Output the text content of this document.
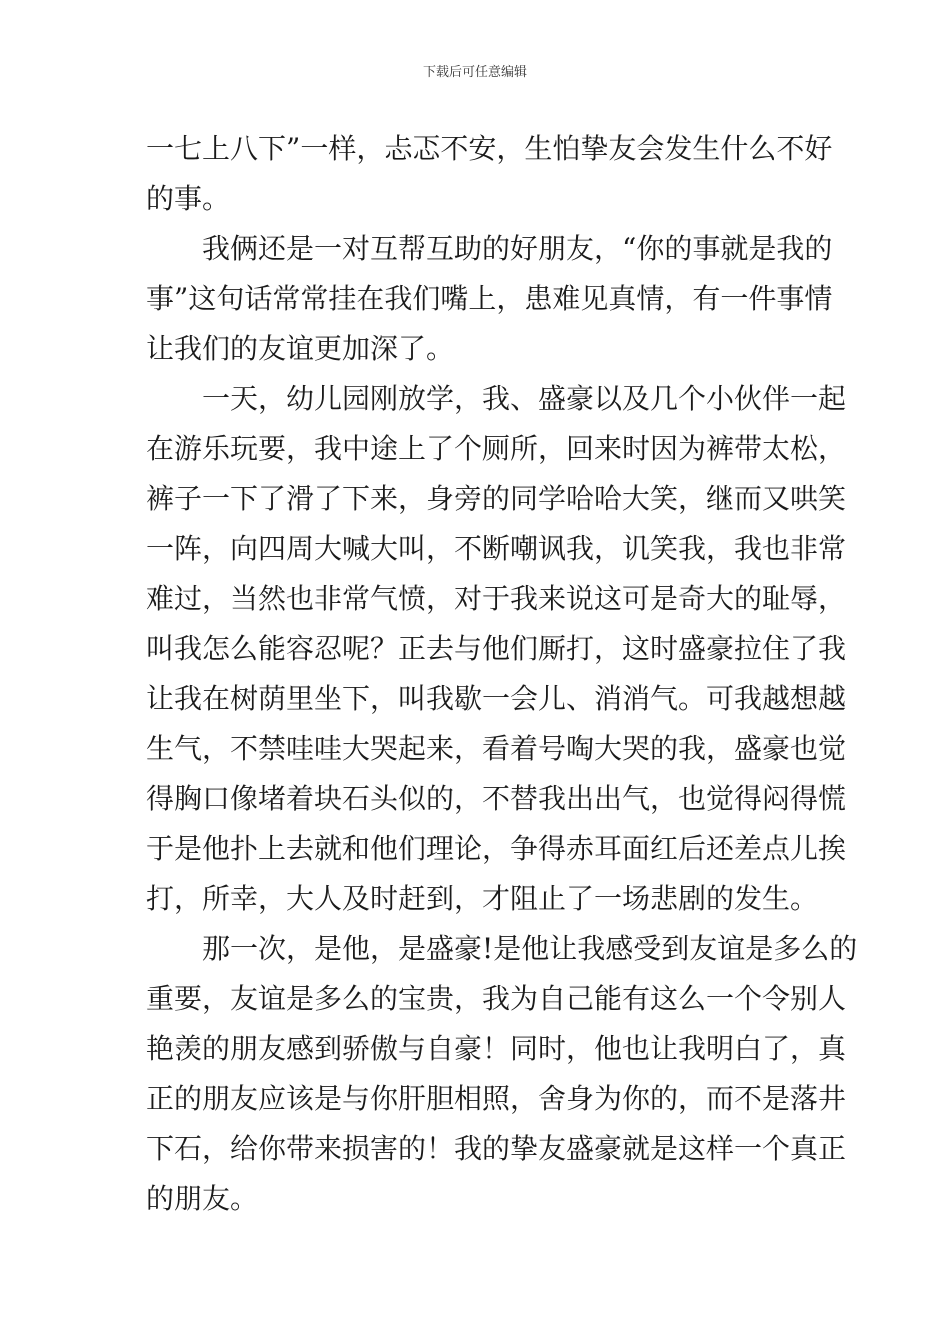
下载后可任意编辑
一七上八下”一样，忐忑不安，生怕挚友会发生什么不好
的事。
我俩还是一对互帮互助的好朋友，“你的事就是我的
事”这句话常常挂在我们嘴上，患难见真情，有一件事情
让我们的友谊更加深了。
一天，幼儿园刚放学，我、盛豪以及几个小伙伴一起
在游乐玩要，我中途上了个厕所，回来时因为裤带太松，
裤子一下了滑了下来，身旁的同学哈哈大笑，继而又哄笑
一阵，向四周大喊大叫，不断嘲讽我，讥笑我，我也非常
难过，当然也非常气愤，对于我来说这可是奇大的耻辱，
叫我怎么能容忍呢？正去与他们厮打，这时盛豪拉住了我
让我在树荫里坐下，叫我歇一会儿、消消气。可我越想越
生气，不禁哇哇大哭起来，看着号啕大哭的我，盛豪也觉
得胸口像堵着块石头似的，不替我出出气，也觉得闷得慌
于是他扑上去就和他们理论，争得赤耳面红后还差点儿挨
打，所幸，大人及时赶到，才阻止了一场悲剧的发生。
那一次，是他，是盛豪!是他让我感受到友谊是多么的
重要，友谊是多么的宝贵，我为自己能有这么一个令别人
艳羡的朋友感到骄傲与自豪！同时，他也让我明白了，真
正的朋友应该是与你肝胆相照，舍身为你的，而不是落井
下石，给你带来损害的！我的挚友盛豪就是这样一个真正
的朋友。
